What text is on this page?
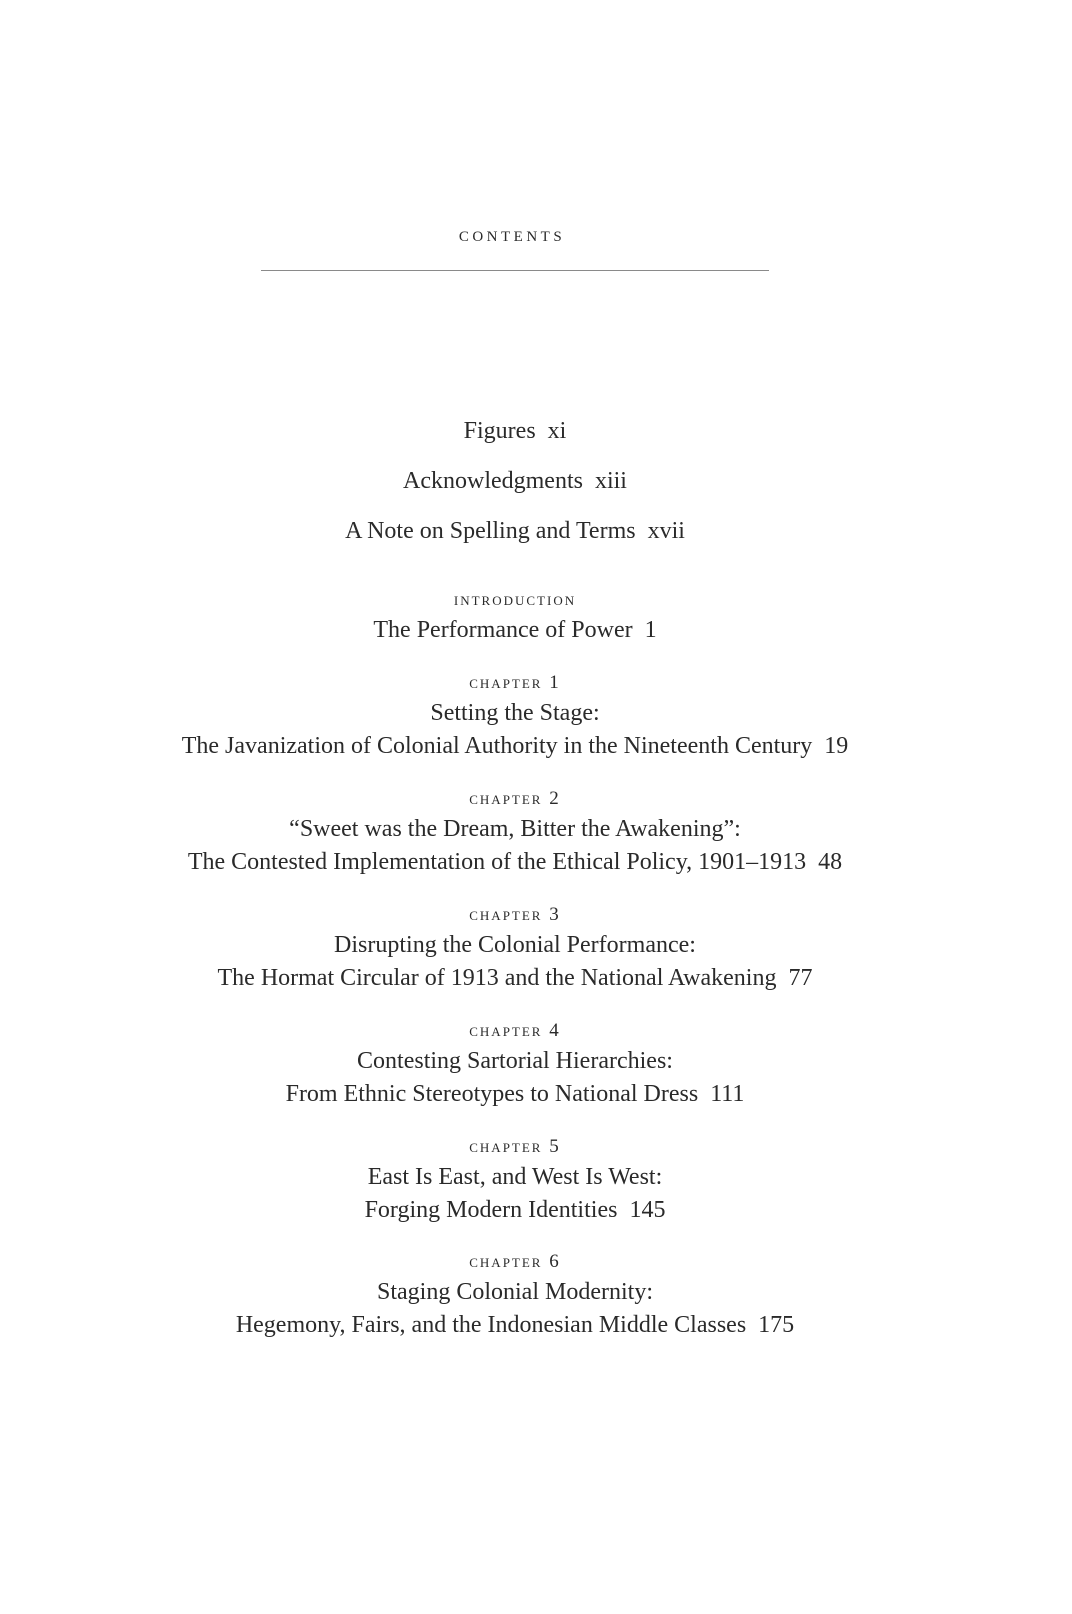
contents
Figures xi
Acknowledgments xiii
A Note on Spelling and Terms xvii
introduction
The Performance of Power 1
chapter 1
Setting the Stage:
The Javanization of Colonial Authority in the Nineteenth Century 19
chapter 2
“Sweet was the Dream, Bitter the Awakening”:
The Contested Implementation of the Ethical Policy, 1901–1913 48
chapter 3
Disrupting the Colonial Performance:
The Hormat Circular of 1913 and the National Awakening 77
chapter 4
Contesting Sartorial Hierarchies:
From Ethnic Stereotypes to National Dress 111
chapter 5
East Is East, and West Is West:
Forging Modern Identities 145
chapter 6
Staging Colonial Modernity:
Hegemony, Fairs, and the Indonesian Middle Classes 175
